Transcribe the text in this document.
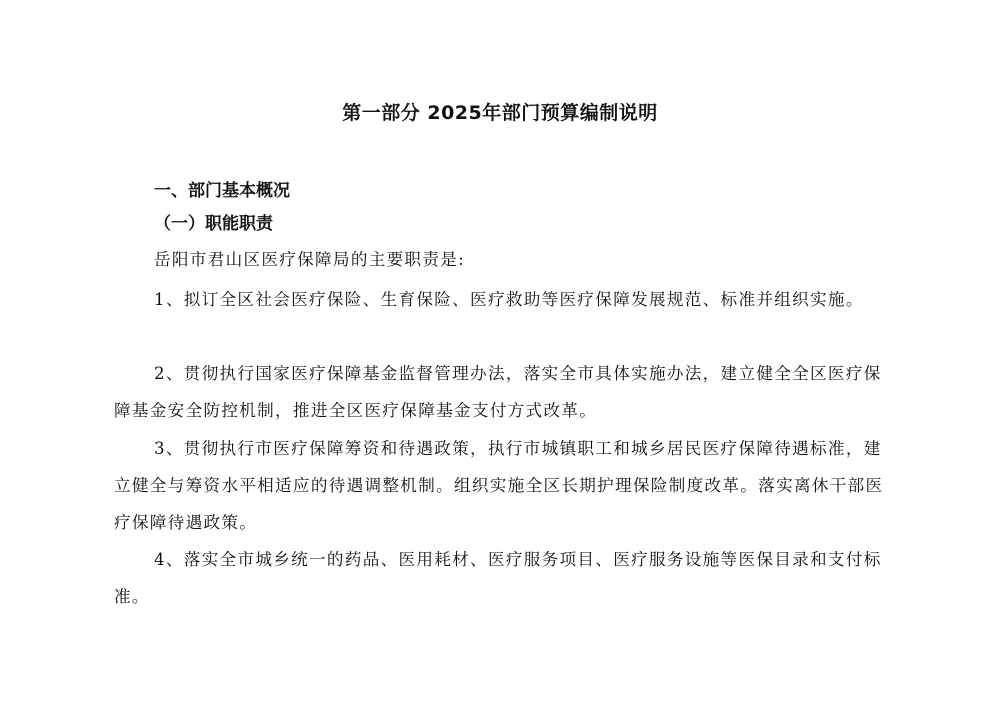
第一部分 2025年部门预算编制说明
一、部门基本概况
（一）职能职责

岳阳市君山区医疗保障局的主要职责是:

1、拟订全区社会医疗保险、生育保险、医疗救助等医疗保障发展规范、标准并组织实施。

2、贯彻执行国家医疗保障基金监督管理办法，落实全市具体实施办法，建立健全全区医疗保障基金安全防控机制，推进全区医疗保障基金支付方式改革。

3、贯彻执行市医疗保障筹资和待遇政策，执行市城镇职工和城乡居民医疗保障待遇标准，建立健全与筹资水平相适应的待遇调整机制。组织实施全区长期护理保险制度改革。落实离休干部医疗保障待遇政策。

4、落实全市城乡统一的药品、医用耗材、医疗服务项目、医疗服务设施等医保目录和支付标准。
